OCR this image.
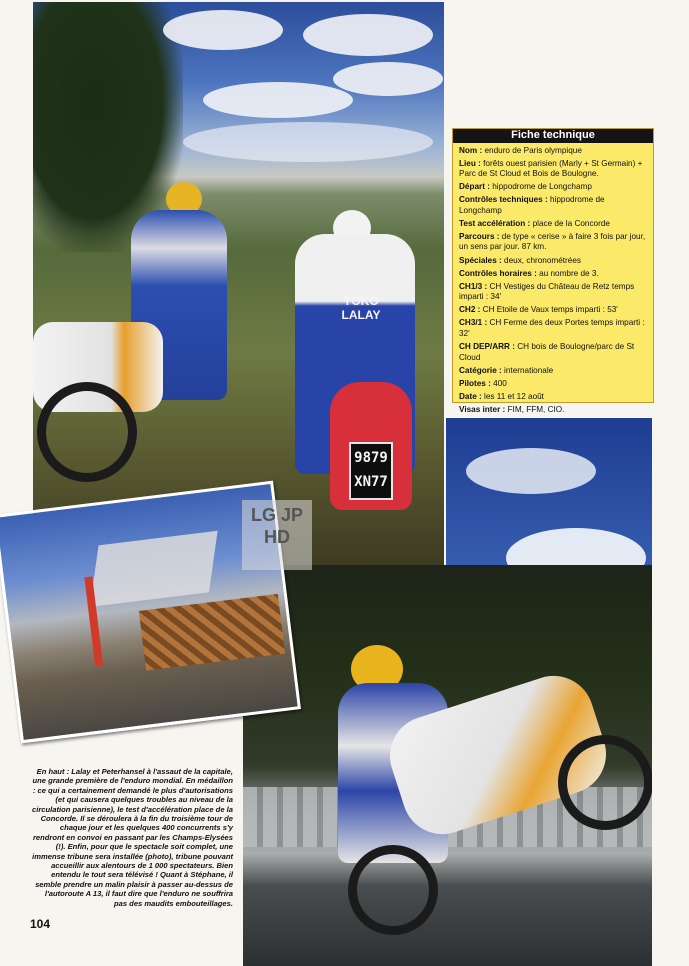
9879
XN77
YOKO LALAY
Fiche technique
Nom : enduro de Paris olympique
Lieu : forêts ouest parisien (Marly + St Germain) + Parc de St Cloud et Bois de Boulogne.
Départ : hippodrome de Longchamp
Contrôles techniques : hippodrome de Longchamp
Test accélération : place de la Concorde
Parcours : de type « cerise » à faire 3 fois par jour, un sens par jour. 87 km.
Spéciales : deux, chronométrées
Contrôles horaires : au nombre de 3.
CH1/3 : CH Vestiges du Château de Retz temps imparti : 34'
CH2 : CH Etoile de Vaux temps imparti : 53'
CH3/1 : CH Ferme des deux Portes temps imparti : 32'
CH DEP/ARR : CH bois de Boulogne/parc de St Cloud
Catégorie : internationale
Pilotes : 400
Date : les 11 et 12 août
Visas inter : FIM, FFM, CIO.
LG JP HD
En haut : Lalay et Peterhansel à l'assaut de la capitale, une grande première de l'enduro mondial. En médaillon : ce qui a certainement demandé le plus d'autorisations (et qui causera quelques troubles au niveau de la circulation parisienne), le test d'accélération place de la Concorde. Il se déroulera à la fin du troisième tour de chaque jour et les quelques 400 concurrents s'y rendront en convoi en passant par les Champs-Elysées (!). Enfin, pour que le spectacle soit complet, une immense tribune sera installée (photo), tribune pouvant accueillir aux alentours de 1 000 spectateurs. Bien entendu le tout sera télévisé ! Quant à Stéphane, il semble prendre un malin plaisir à passer au-dessus de l'autoroute A 13, il faut dire que l'enduro ne souffrira pas des maudits embouteillages.
104
